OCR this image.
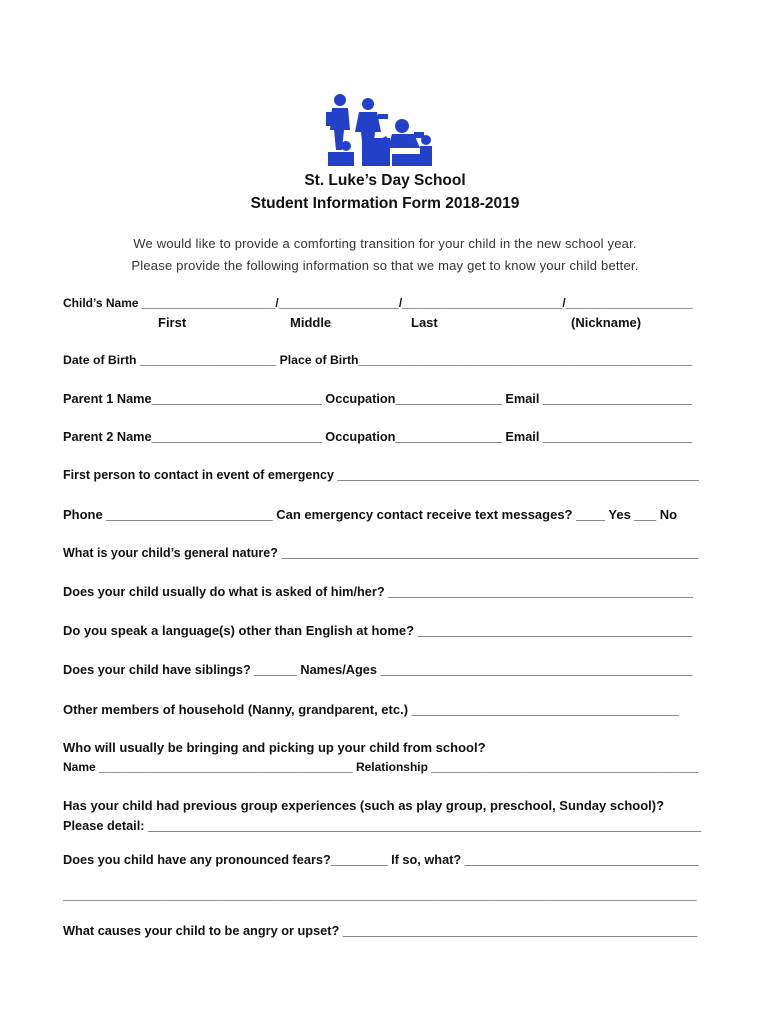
St. Luke’s Day School
Student Information Form 2018-2019
We would like to provide a comforting transition for your child in the new school year.
Please provide the following information so that we may get to know your child better.
Child’s Name ____________________/__________________/________________________/___________________
First	Middle	Last	(Nickname)
Date of Birth ____________________ Place of Birth_________________________________________________
Parent 1 Name________________________ Occupation_______________ Email _____________________
Parent 2 Name________________________ Occupation_______________ Email _____________________
First person to contact in event of emergency ____________________________________________________
Phone _______________________ Can emergency contact receive text messages? ____ Yes ___ No
What is your child’s general nature? ____________________________________________________________
Does your child usually do what is asked of him/her? ___________________________________________
Do you speak a language(s) other than English at home? ______________________________________
Does your child have siblings? ______ Names/Ages ____________________________________________
Other members of household (Nanny, grandparent, etc.) _____________________________________
Who will usually be bringing and picking up your child from school?
Name ______________________________________ Relationship ________________________________________
Has your child had previous group experiences (such as play group, preschool, Sunday school)?
Please detail: ______________________________________________________________________________
Does you child have any pronounced fears?________ If so, what? _________________________________
_____________________________________________________________________________________________
What causes your child to be angry or upset? __________________________________________________
